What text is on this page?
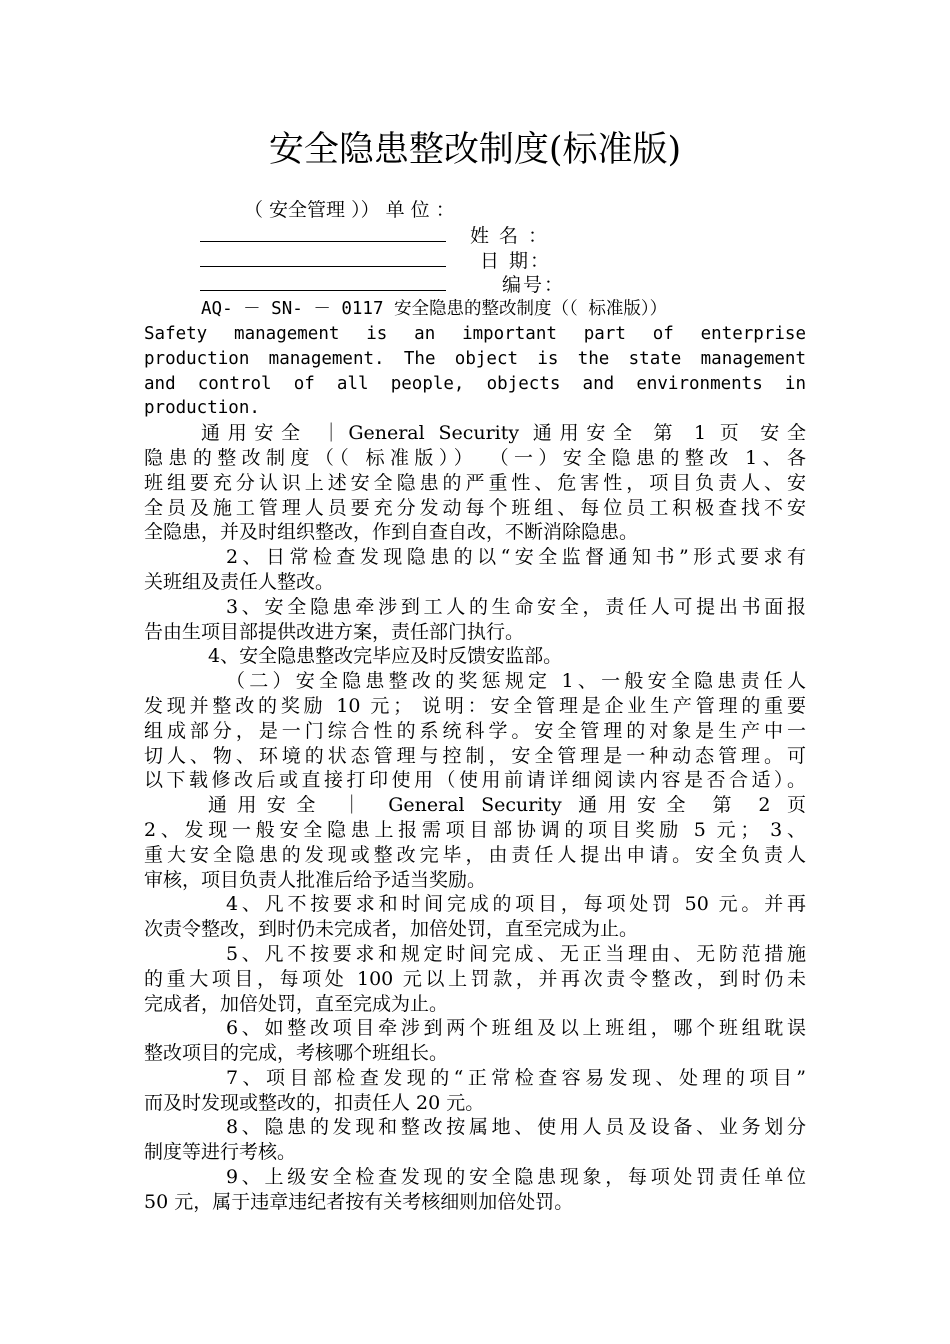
安全隐患整改制度(标准版)
（ 安全管理 ）） 单 位 ：
姓 名 ：
日 期：
编号：
AQ- － SN- － 0117 安全隐患的整改制度（（ 标准版））
Safety management is an important part of enterprise
production management. The object is the state management
and control of all people, objects and environments in
production.
通用安全 ｜General Security 通用安全 第 1 页 安全
隐患的整改制度（（ 标准版）） （一）安全隐患的整改 1、各
班组要充分认识上述安全隐患的严重性、危害性，项目负责人、安
全员及施工管理人员要充分发动每个班组、每位员工积极查找不安
全隐患，并及时组织整改，作到自查自改，不断消除隐患。
2、日常检查发现隐患的以“安全监督通知书”形式要求有
关班组及责任人整改。
3、安全隐患牵涉到工人的生命安全，责任人可提出书面报
告由生项目部提供改进方案，责任部门执行。
4、安全隐患整改完毕应及时反馈安监部。
（二）安全隐患整改的奖惩规定 1、一般安全隐患责任人
发现并整改的奖励 10 元； 说明：安全管理是企业生产管理的重要
组成部分，是一门综合性的系统科学。安全管理的对象是生产中一
切人、物、环境的状态管理与控制，安全管理是一种动态管理。可
以下载修改后或直接打印使用（使用前请详细阅读内容是否合适）。
通用安全 ｜ General Security 通用安全 第 2 页
2、发现一般安全隐患上报需项目部协调的项目奖励 5 元； 3、
重大安全隐患的发现或整改完毕，由责任人提出申请。安全负责人
审核，项目负责人批准后给予适当奖励。
4、凡不按要求和时间完成的项目，每项处罚 50 元。并再
次责令整改，到时仍未完成者，加倍处罚，直至完成为止。
5、凡不按要求和规定时间完成、无正当理由、无防范措施
的重大项目，每项处 100 元以上罚款，并再次责令整改，到时仍未
完成者，加倍处罚，直至完成为止。
6、如整改项目牵涉到两个班组及以上班组，哪个班组耽误
整改项目的完成，考核哪个班组长。
7、项目部检查发现的“正常检查容易发现、处理的项目”
而及时发现或整改的，扣责任人 20 元。
8、隐患的发现和整改按属地、使用人员及设备、业务划分
制度等进行考核。
9、上级安全检查发现的安全隐患现象，每项处罚责任单位
50 元，属于违章违纪者按有关考核细则加倍处罚。
